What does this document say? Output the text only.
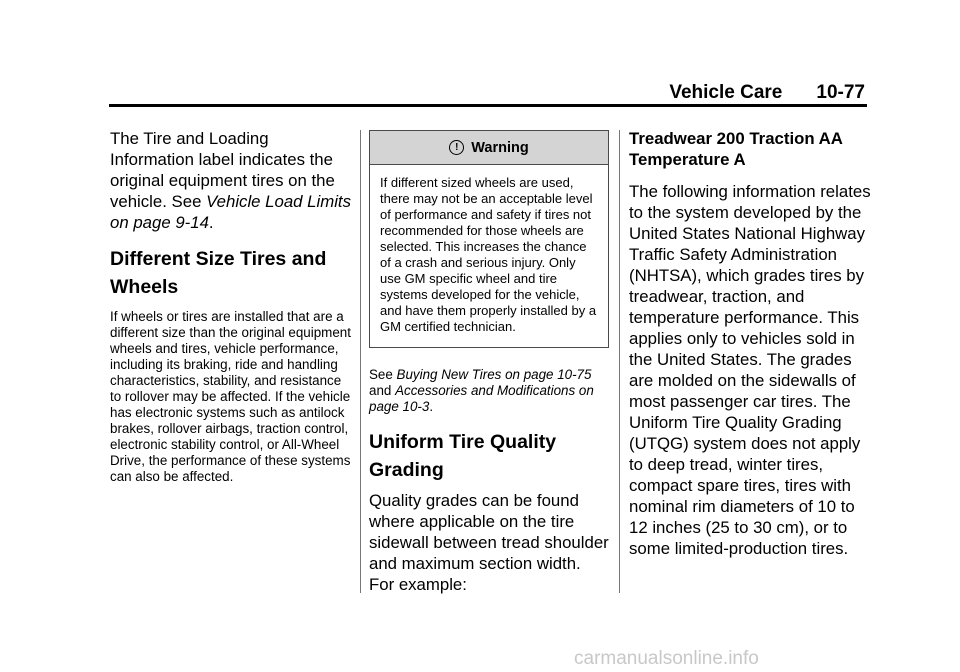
Vehicle Care 10-77

The Tire and Loading Information label indicates the original equipment tires on the vehicle. See Vehicle Load Limits on page 9-14.

Different Size Tires and Wheels

If wheels or tires are installed that are a different size than the original equipment wheels and tires, vehicle performance, including its braking, ride and handling characteristics, stability, and resistance to rollover may be affected. If the vehicle has electronic systems such as antilock brakes, rollover airbags, traction control, electronic stability control, or All-Wheel Drive, the performance of these systems can also be affected.

! Warning
If different sized wheels are used, there may not be an acceptable level of performance and safety if tires not recommended for those wheels are selected. This increases the chance of a crash and serious injury. Only use GM specific wheel and tire systems developed for the vehicle, and have them properly installed by a GM certified technician.

See Buying New Tires on page 10-75 and Accessories and Modifications on page 10-3.

Uniform Tire Quality Grading

Quality grades can be found where applicable on the tire sidewall between tread shoulder and maximum section width. For example:

Treadwear 200 Traction AA Temperature A

The following information relates to the system developed by the United States National Highway Traffic Safety Administration (NHTSA), which grades tires by treadwear, traction, and temperature performance. This applies only to vehicles sold in the United States. The grades are molded on the sidewalls of most passenger car tires. The Uniform Tire Quality Grading (UTQG) system does not apply to deep tread, winter tires, compact spare tires, tires with nominal rim diameters of 10 to 12 inches (25 to 30 cm), or to some limited-production tires.

carmanualsonline.info
